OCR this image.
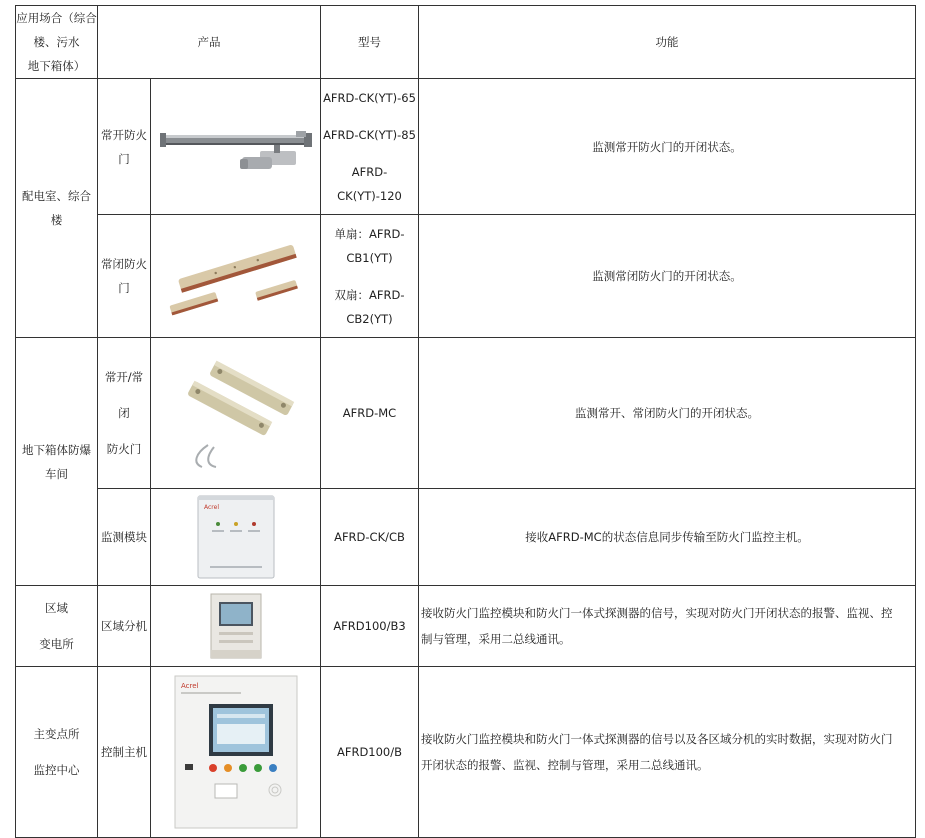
应用场合（综合楼、污水
地下箱体）	产品		型号	功能

配电室、综合
楼	常开防火
门		AFRD-CK(YT)-65
AFRD-CK(YT)-85
AFRD-
CK(YT)-120	监测常开防火门的开闭状态。

	常闭防火
门		单扇：AFRD-
CB1(YT)
双扇：AFRD-
CB2(YT)	监测常闭防火门的开闭状态。

地下箱体防爆
车间	常开/常
闭
防火门		AFRD-MC	监测常开、常闭防火门的开闭状态。
	监测模块	Acrel	AFRD-CK/CB	接收AFRD-MC的状态信息同步传输至防火门监控主机。

区域
变电所	区域分机		AFRD100/B3	接收防火门监控模块和防火门一体式探测器的信号，实现对防火门开闭状态的报警、监视、控
制与管理，采用二总线通讯。

主变点所
监控中心	控制主机	Acrel	AFRD100/B	接收防火门监控模块和防火门一体式探测器的信号以及各区域分机的实时数据，实现对防火门
开闭状态的报警、监视、控制与管理，采用二总线通讯。
